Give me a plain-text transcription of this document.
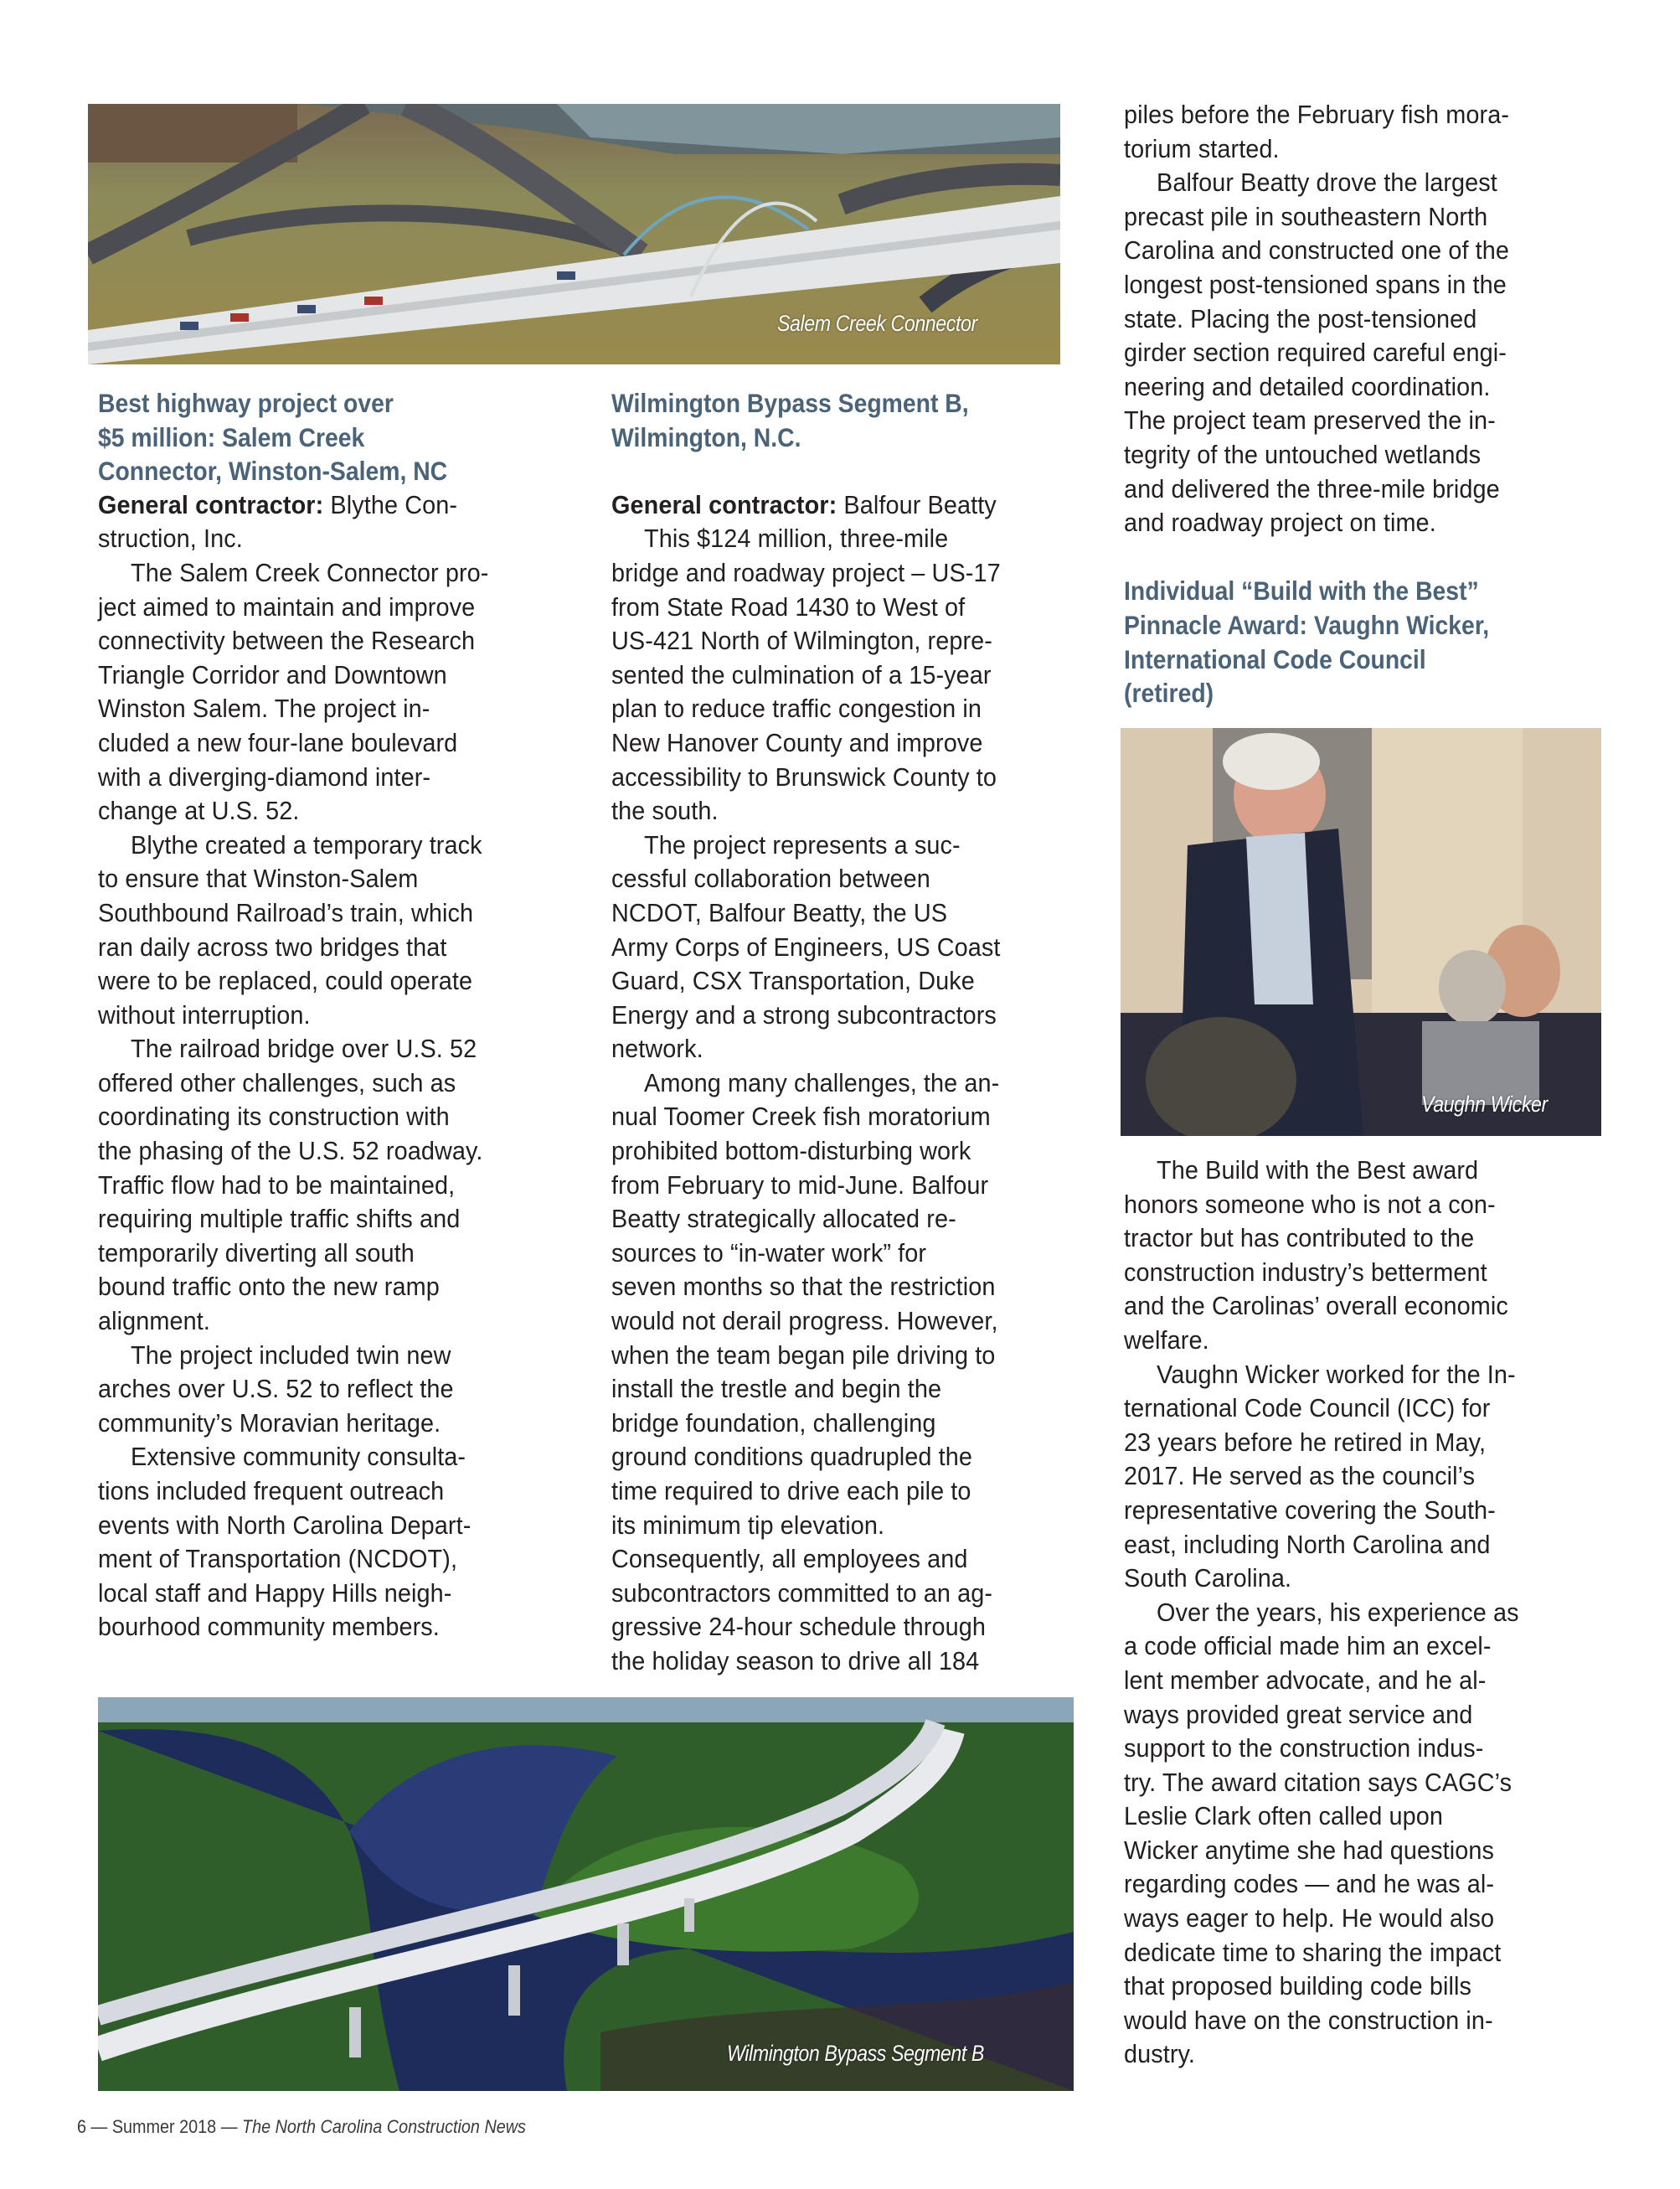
Salem Creek Connector
Vaughn Wicker
Wilmington Bypass Segment B
Best highway project over
$5 million: Salem Creek
Connector, Winston-Salem, NC
General contractor: Blythe Con-
struction, Inc.
The Salem Creek Connector pro-
ject aimed to maintain and improve
connectivity between the Research
Triangle Corridor and Downtown
Winston Salem. The project in-
cluded a new four-lane boulevard
with a diverging-diamond inter-
change at U.S. 52.
Blythe created a temporary track
to ensure that Winston-Salem
Southbound Railroad’s train, which
ran daily across two bridges that
were to be replaced, could operate
without interruption.
The railroad bridge over U.S. 52
offered other challenges, such as
coordinating its construction with
the phasing of the U.S. 52 roadway.
Traffic flow had to be maintained,
requiring multiple traffic shifts and
temporarily diverting all south
bound traffic onto the new ramp
alignment.
The project included twin new
arches over U.S. 52 to reflect the
community’s Moravian heritage.
Extensive community consulta-
tions included frequent outreach
events with North Carolina Depart-
ment of Transportation (NCDOT),
local staff and Happy Hills neigh-
bourhood community members.
Wilmington Bypass Segment B,
Wilmington, N.C.
General contractor: Balfour Beatty
This $124 million, three-mile
bridge and roadway project – US-17
from State Road 1430 to West of
US-421 North of Wilmington, repre-
sented the culmination of a 15-year
plan to reduce traffic congestion in
New Hanover County and improve
accessibility to Brunswick County to
the south.
The project represents a suc-
cessful collaboration between
NCDOT, Balfour Beatty, the US
Army Corps of Engineers, US Coast
Guard, CSX Transportation, Duke
Energy and a strong subcontractors
network.
Among many challenges, the an-
nual Toomer Creek fish moratorium
prohibited bottom-disturbing work
from February to mid-June. Balfour
Beatty strategically allocated re-
sources to “in-water work” for
seven months so that the restriction
would not derail progress. However,
when the team began pile driving to
install the trestle and begin the
bridge foundation, challenging
ground conditions quadrupled the
time required to drive each pile to
its minimum tip elevation.
Consequently, all employees and
subcontractors committed to an ag-
gressive 24-hour schedule through
the holiday season to drive all 184
piles before the February fish mora-
torium started.
Balfour Beatty drove the largest
precast pile in southeastern North
Carolina and constructed one of the
longest post-tensioned spans in the
state. Placing the post-tensioned
girder section required careful engi-
neering and detailed coordination.
The project team preserved the in-
tegrity of the untouched wetlands
and delivered the three-mile bridge
and roadway project on time.
Individual “Build with the Best”
Pinnacle Award: Vaughn Wicker,
International Code Council
(retired)
The Build with the Best award
honors someone who is not a con-
tractor but has contributed to the
construction industry’s betterment
and the Carolinas’ overall economic
welfare.
Vaughn Wicker worked for the In-
ternational Code Council (ICC) for
23 years before he retired in May,
2017. He served as the council’s
representative covering the South-
east, including North Carolina and
South Carolina.
Over the years, his experience as
a code official made him an excel-
lent member advocate, and he al-
ways provided great service and
support to the construction indus-
try. The award citation says CAGC’s
Leslie Clark often called upon
Wicker anytime she had questions
regarding codes — and he was al-
ways eager to help. He would also
dedicate time to sharing the impact
that proposed building code bills
would have on the construction in-
dustry.
6 — Summer 2018 — The North Carolina Construction News
